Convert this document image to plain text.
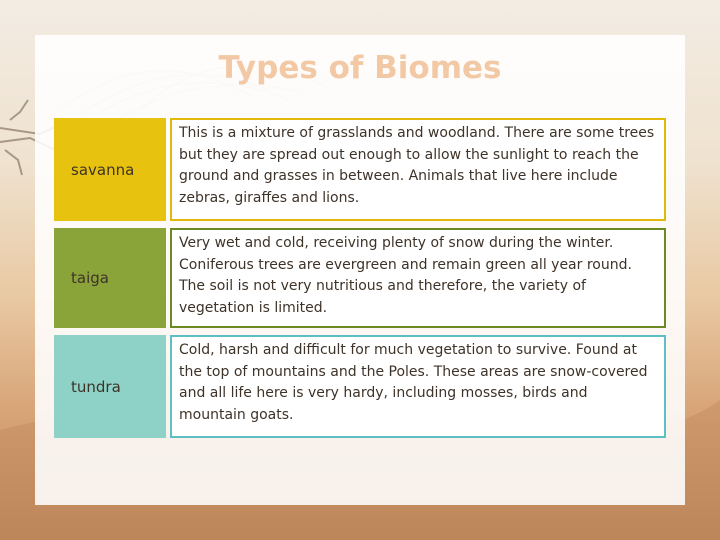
Types of Biomes
savanna
This is a mixture of grasslands and woodland. There are some trees but they are spread out enough to allow the sunlight to reach the ground and grasses in between. Animals that live here include zebras, giraffes and lions.
taiga
Very wet and cold, receiving plenty of snow during the winter. Coniferous trees are evergreen and remain green all year round. The soil is not very nutritious and therefore, the variety of vegetation is limited.
tundra
Cold, harsh and difficult for much vegetation to survive. Found at the top of mountains and the Poles. These areas are snow-covered and all life here is very hardy, including mosses, birds and mountain goats.
